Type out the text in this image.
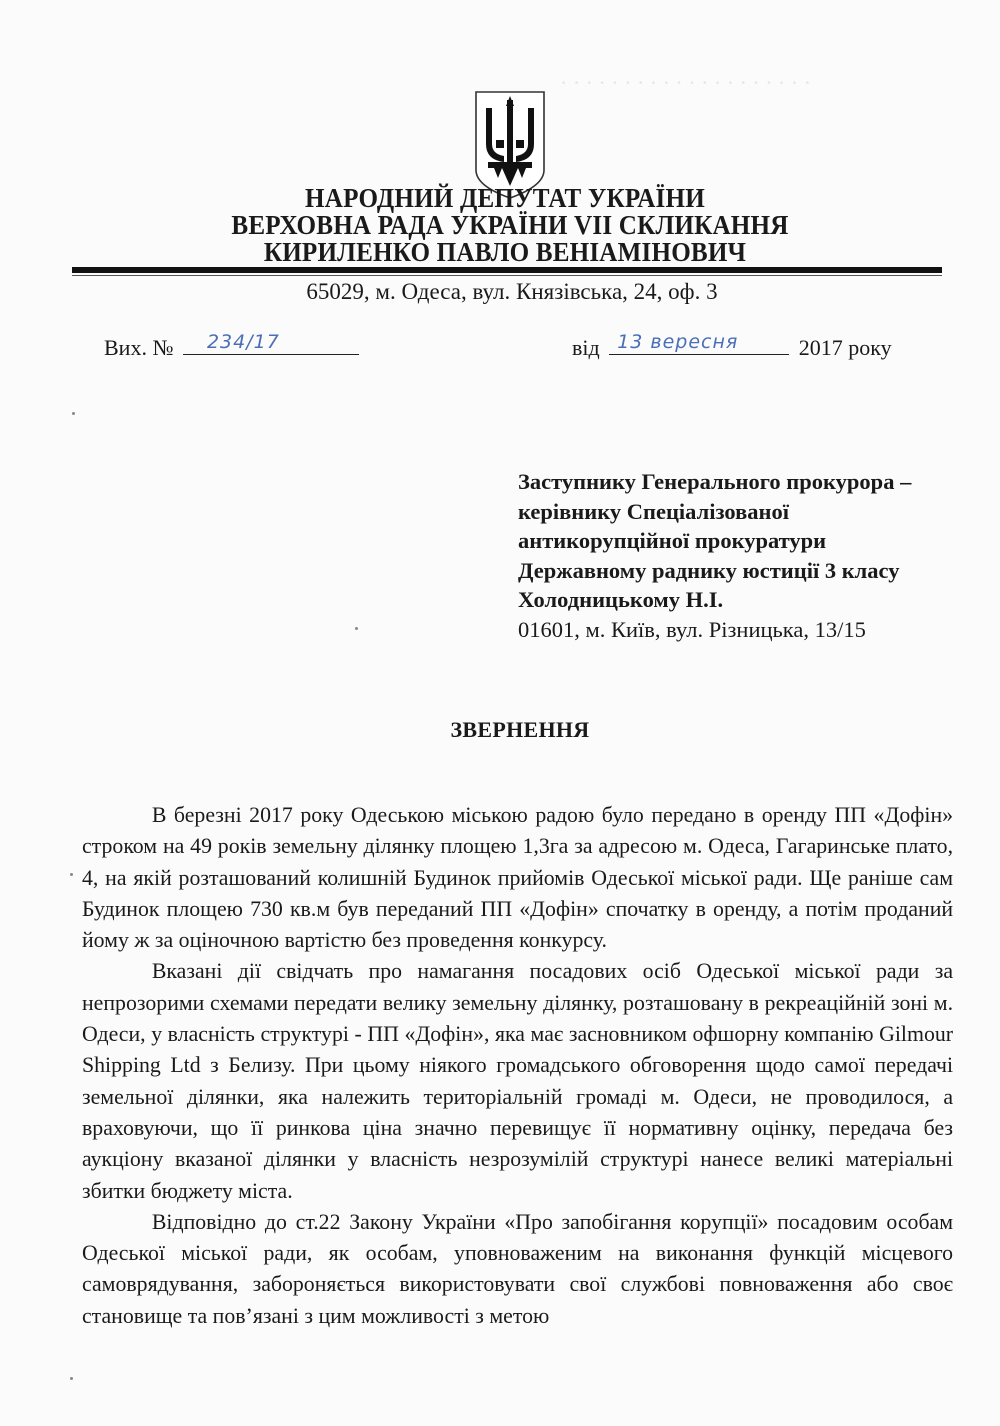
· · · · · · · · · · · · · · · · · · · ·
НАРОДНИЙ ДЕПУТАТ УКРАЇНИ
ВЕРХОВНА РАДА УКРАЇНИ VII СКЛИКАННЯ
КИРИЛЕНКО ПАВЛО ВЕНІАМІНОВИЧ
65029, м. Одеса, вул. Князівська, 24, оф. 3
Вих. № 234/17	від 13 вересня	2017 року
Заступнику Генерального прокурора –
керівнику Спеціалізованої
антикорупційної прокуратури
Державному раднику юстиції 3 класу
Холодницькому Н.І.
01601, м. Київ, вул. Різницька, 13/15
ЗВЕРНЕННЯ

В березні 2017 року Одеською міською радою було передано в оренду ПП «Дофін» строком на 49 років земельну ділянку площею 1,3га за адресою м. Одеса, Гагаринське плато, 4, на якій розташований колишній Будинок прийомів Одеської міської ради. Ще раніше сам Будинок площею 730 кв.м був переданий ПП «Дофін» спочатку в оренду, а потім проданий йому ж за оціночною вартістю без проведення конкурсу.

Вказані дії свідчать про намагання посадових осіб Одеської міської ради за непрозорими схемами передати велику земельну ділянку, розташовану в рекреаційній зоні м. Одеси, у власність структурі - ПП «Дофін», яка має засновником офшорну компанію Gilmour Shipping Ltd з Белизу. При цьому ніякого громадського обговорення щодо самої передачі земельної ділянки, яка належить територіальній громаді м. Одеси, не проводилося, а враховуючи, що її ринкова ціна значно перевищує її нормативну оцінку, передача без аукціону вказаної ділянки у власність незрозумілій структурі нанесе великі матеріальні збитки бюджету міста.

Відповідно до ст.22 Закону України «Про запобігання корупції» посадовим особам Одеської міської ради, як особам, уповноваженим на виконання функцій місцевого самоврядування, забороняється використовувати свої службові повноваження або своє становище та пов’язані з цим можливості з метою
